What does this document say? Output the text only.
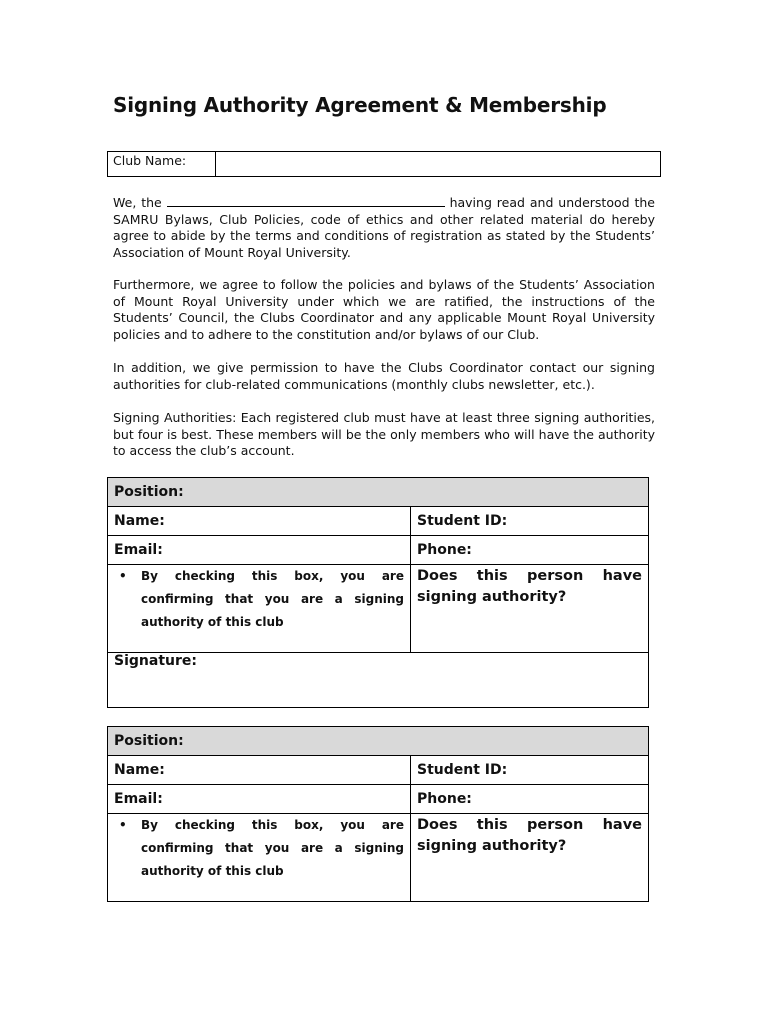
Signing Authority Agreement & Membership
Club Name:

We, the	having read and understood the SAMRU Bylaws, Club Policies, code of ethics and other related material do hereby agree to abide by the terms and conditions of registration as stated by the Students’ Association of Mount Royal University.

Furthermore, we agree to follow the policies and bylaws of the Students’ Association of Mount Royal University under which we are ratified, the instructions of the Students’ Council, the Clubs Coordinator and any applicable Mount Royal University policies and to adhere to the constitution and/or bylaws of our Club.

In addition, we give permission to have the Clubs Coordinator contact our signing authorities for club-related communications (monthly clubs newsletter, etc.).

Signing Authorities: Each registered club must have at least three signing authorities, but four is best. These members will be the only members who will have the authority to access the club’s account.

Position:	
Name:	Student ID:
Email:	Phone:

• By checking this box, you are confirming that you are a signing authority of this club	Does this person have signing authority?

Signature:	
Position:	
Name:	Student ID:
Email:	Phone:

• By checking this box, you are confirming that you are a signing authority of this club	Does this person have signing authority?
